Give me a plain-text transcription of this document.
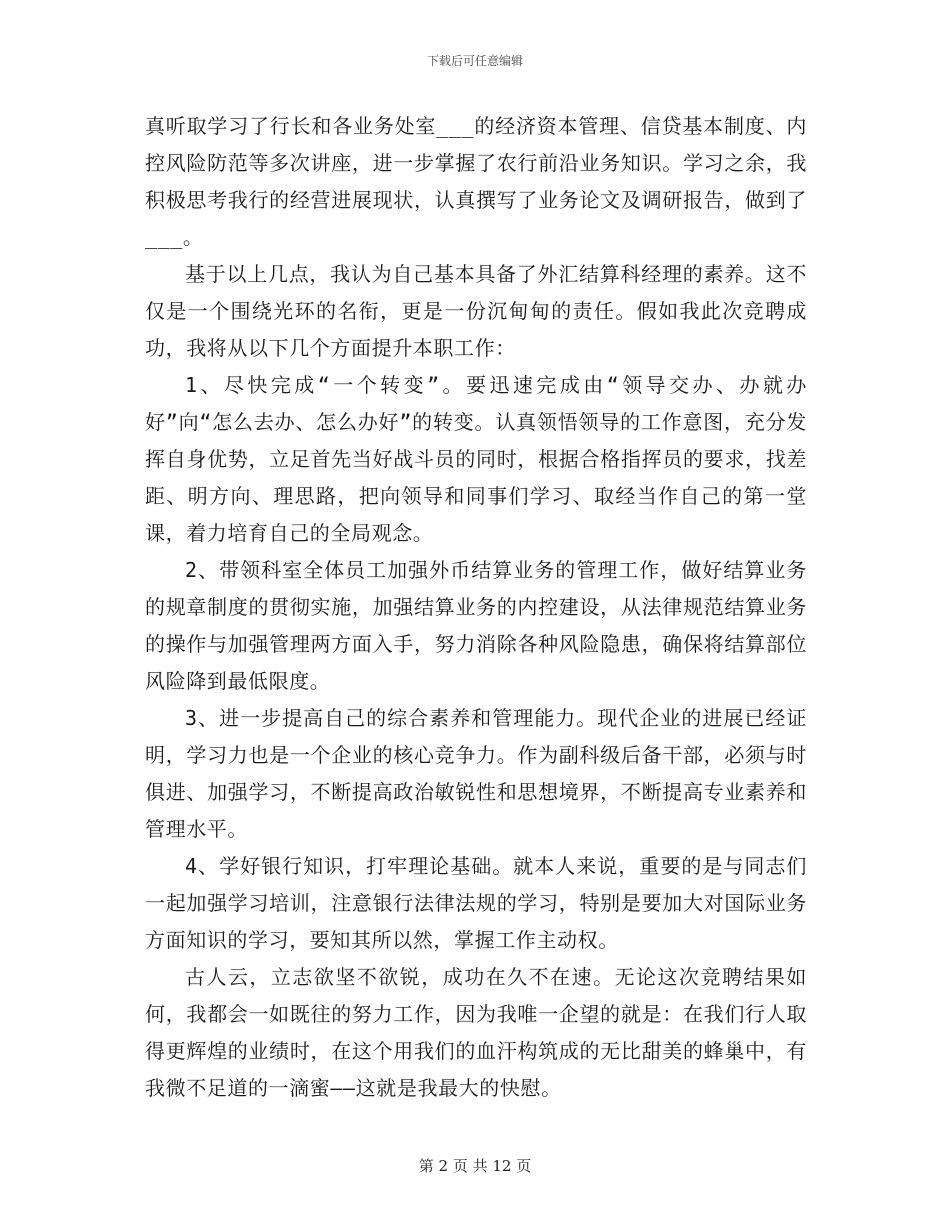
下载后可任意编辑

真听取学习了行长和各业务处室___的经济资本管理、信贷基本制度、内控风险防范等多次讲座，进一步掌握了农行前沿业务知识。学习之余，我积极思考我行的经营进展现状，认真撰写了业务论文及调研报告，做到了___。

基于以上几点，我认为自己基本具备了外汇结算科经理的素养。这不仅是一个围绕光环的名衔，更是一份沉甸甸的责任。假如我此次竞聘成功，我将从以下几个方面提升本职工作：

1、尽快完成“一个转变”。要迅速完成由“领导交办、办就办好”向“怎么去办、怎么办好”的转变。认真领悟领导的工作意图，充分发挥自身优势，立足首先当好战斗员的同时，根据合格指挥员的要求，找差距、明方向、理思路，把向领导和同事们学习、取经当作自己的第一堂课，着力培育自己的全局观念。

2、带领科室全体员工加强外币结算业务的管理工作，做好结算业务的规章制度的贯彻实施，加强结算业务的内控建设，从法律规范结算业务的操作与加强管理两方面入手，努力消除各种风险隐患，确保将结算部位风险降到最低限度。

3、进一步提高自己的综合素养和管理能力。现代企业的进展已经证明，学习力也是一个企业的核心竞争力。作为副科级后备干部，必须与时俱进、加强学习，不断提高政治敏锐性和思想境界，不断提高专业素养和管理水平。

4、学好银行知识，打牢理论基础。就本人来说，重要的是与同志们一起加强学习培训，注意银行法律法规的学习，特别是要加大对国际业务方面知识的学习，要知其所以然，掌握工作主动权。

古人云，立志欲坚不欲锐，成功在久不在速。无论这次竞聘结果如何，我都会一如既往的努力工作，因为我唯一企望的就是：在我们行人取得更辉煌的业绩时，在这个用我们的血汗构筑成的无比甜美的蜂巢中，有我微不足道的一滴蜜——这就是我最大的快慰。

第 2 页 共 12 页
